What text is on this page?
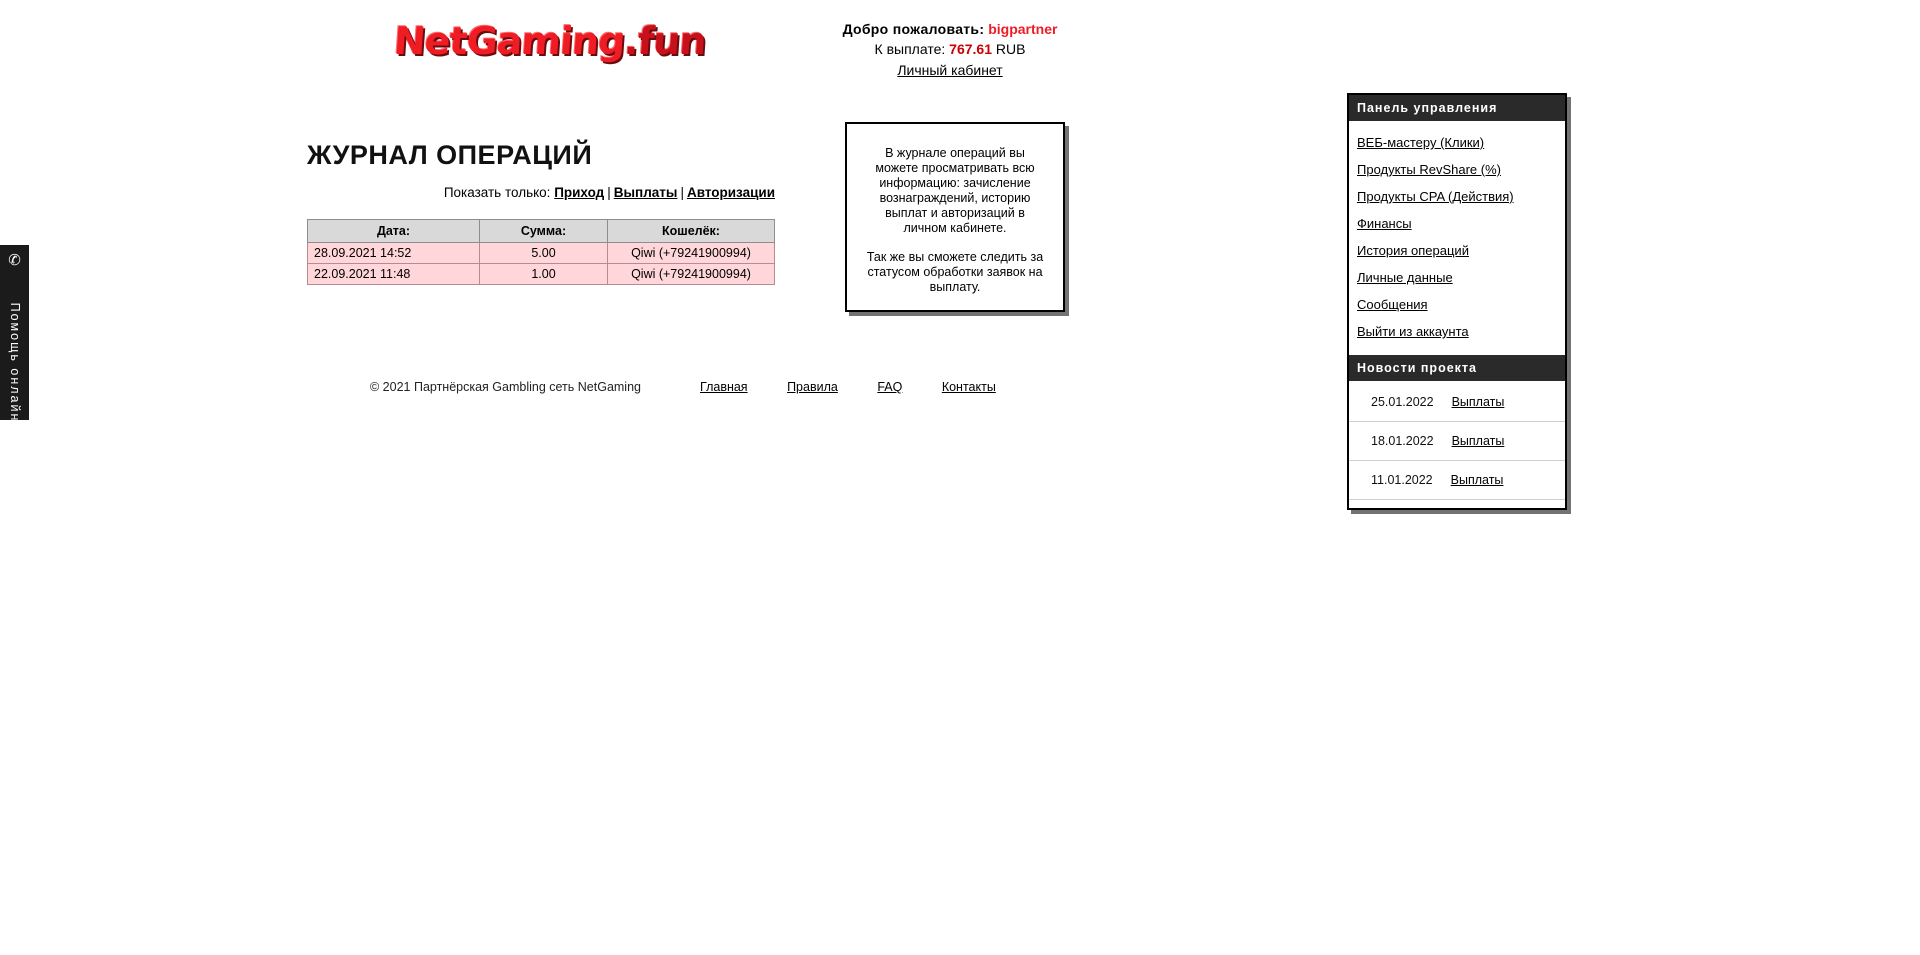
NetGaming.fun	Добро пожаловать: bigpartner
К выплате: 767.61 RUB
Личный кабинет
ЖУРНАЛ ОПЕРАЦИЙ
Показать только: Приход | Выплаты | Авторизации
Дата:	Сумма:	Кошелёк:
28.09.2021 14:52	5.00	Qiwi (+79241900994)
22.09.2021 11:48	1.00	Qiwi (+79241900994)

В журнале операций вы можете просматривать всю информацию: зачисление вознаграждений, историю выплат и авторизаций в личном кабинете.

Так же вы сможете следить за статусом обработки заявок на выплату.

© 2021 Партнёрская Gambling сеть NetGaming	Главная	Правила	FAQ	Контакты
Панель управления
ВЕБ-мастеру (Клики)
Продукты RevShare (%)
Продукты CPA (Действия)
Финансы
История операций
Личные данные
Сообщения
Выйти из аккаунта
Новости проекта
25.01.2022 Выплаты
18.01.2022 Выплаты
11.01.2022 Выплаты
✆
Помощь онлайн
